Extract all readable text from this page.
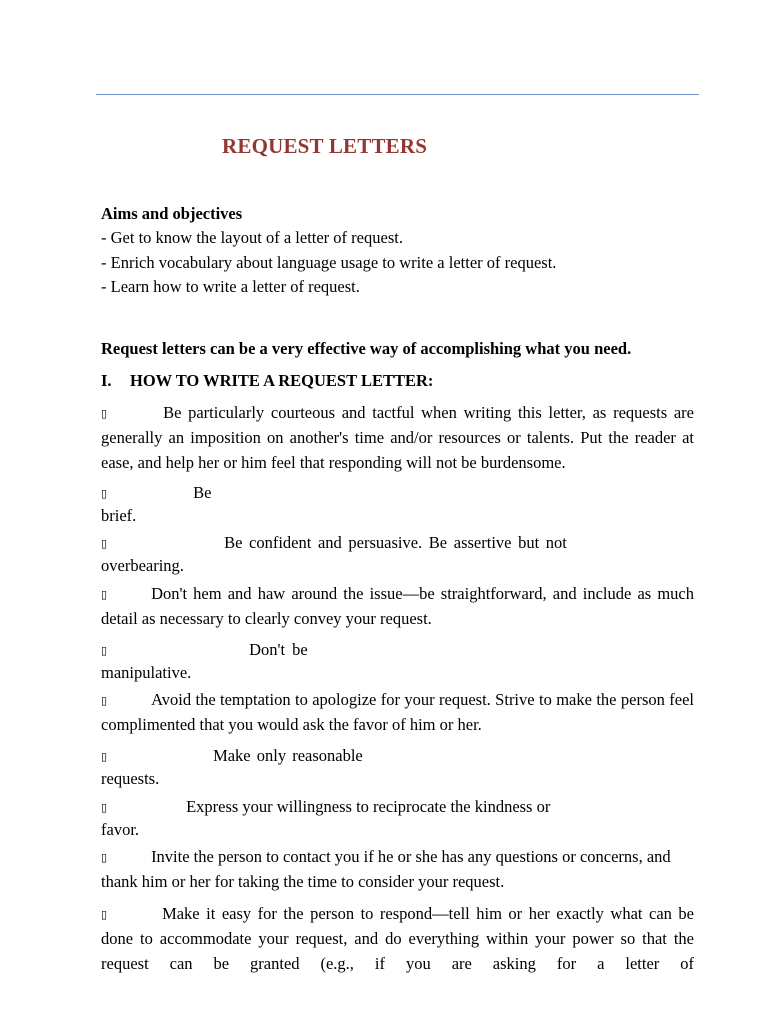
REQUEST LETTERS
Aims and objectives
- Get to know the layout of a letter of request.
- Enrich vocabulary about language usage to write a letter of request.
- Learn how to write a letter of request.
Request letters can be a very effective way of accomplishing what you need.
I. HOW TO WRITE A REQUEST LETTER:
▯	Be particularly courteous and tactful when writing this letter, as requests are generally an imposition on another's time and/or resources or talents. Put the reader at ease, and help her or him feel that responding will not be burdensome.
▯	Be
brief.
▯	Be confident and persuasive. Be assertive but not
overbearing.
▯	Don't hem and haw around the issue—be straightforward, and include as much detail as necessary to clearly convey your request.
▯	Don't be
manipulative.
▯	Avoid the temptation to apologize for your request. Strive to make the person feel complimented that you would ask the favor of him or her.
▯	Make only reasonable
requests.
▯	Express your willingness to reciprocate the kindness or
favor.
▯	Invite the person to contact you if he or she has any questions or concerns, and thank him or her for taking the time to consider your request.
▯	Make it easy for the person to respond—tell him or her exactly what can be done to accommodate your request, and do everything within your power so that the request can be granted (e.g., if you are asking for a letter of
